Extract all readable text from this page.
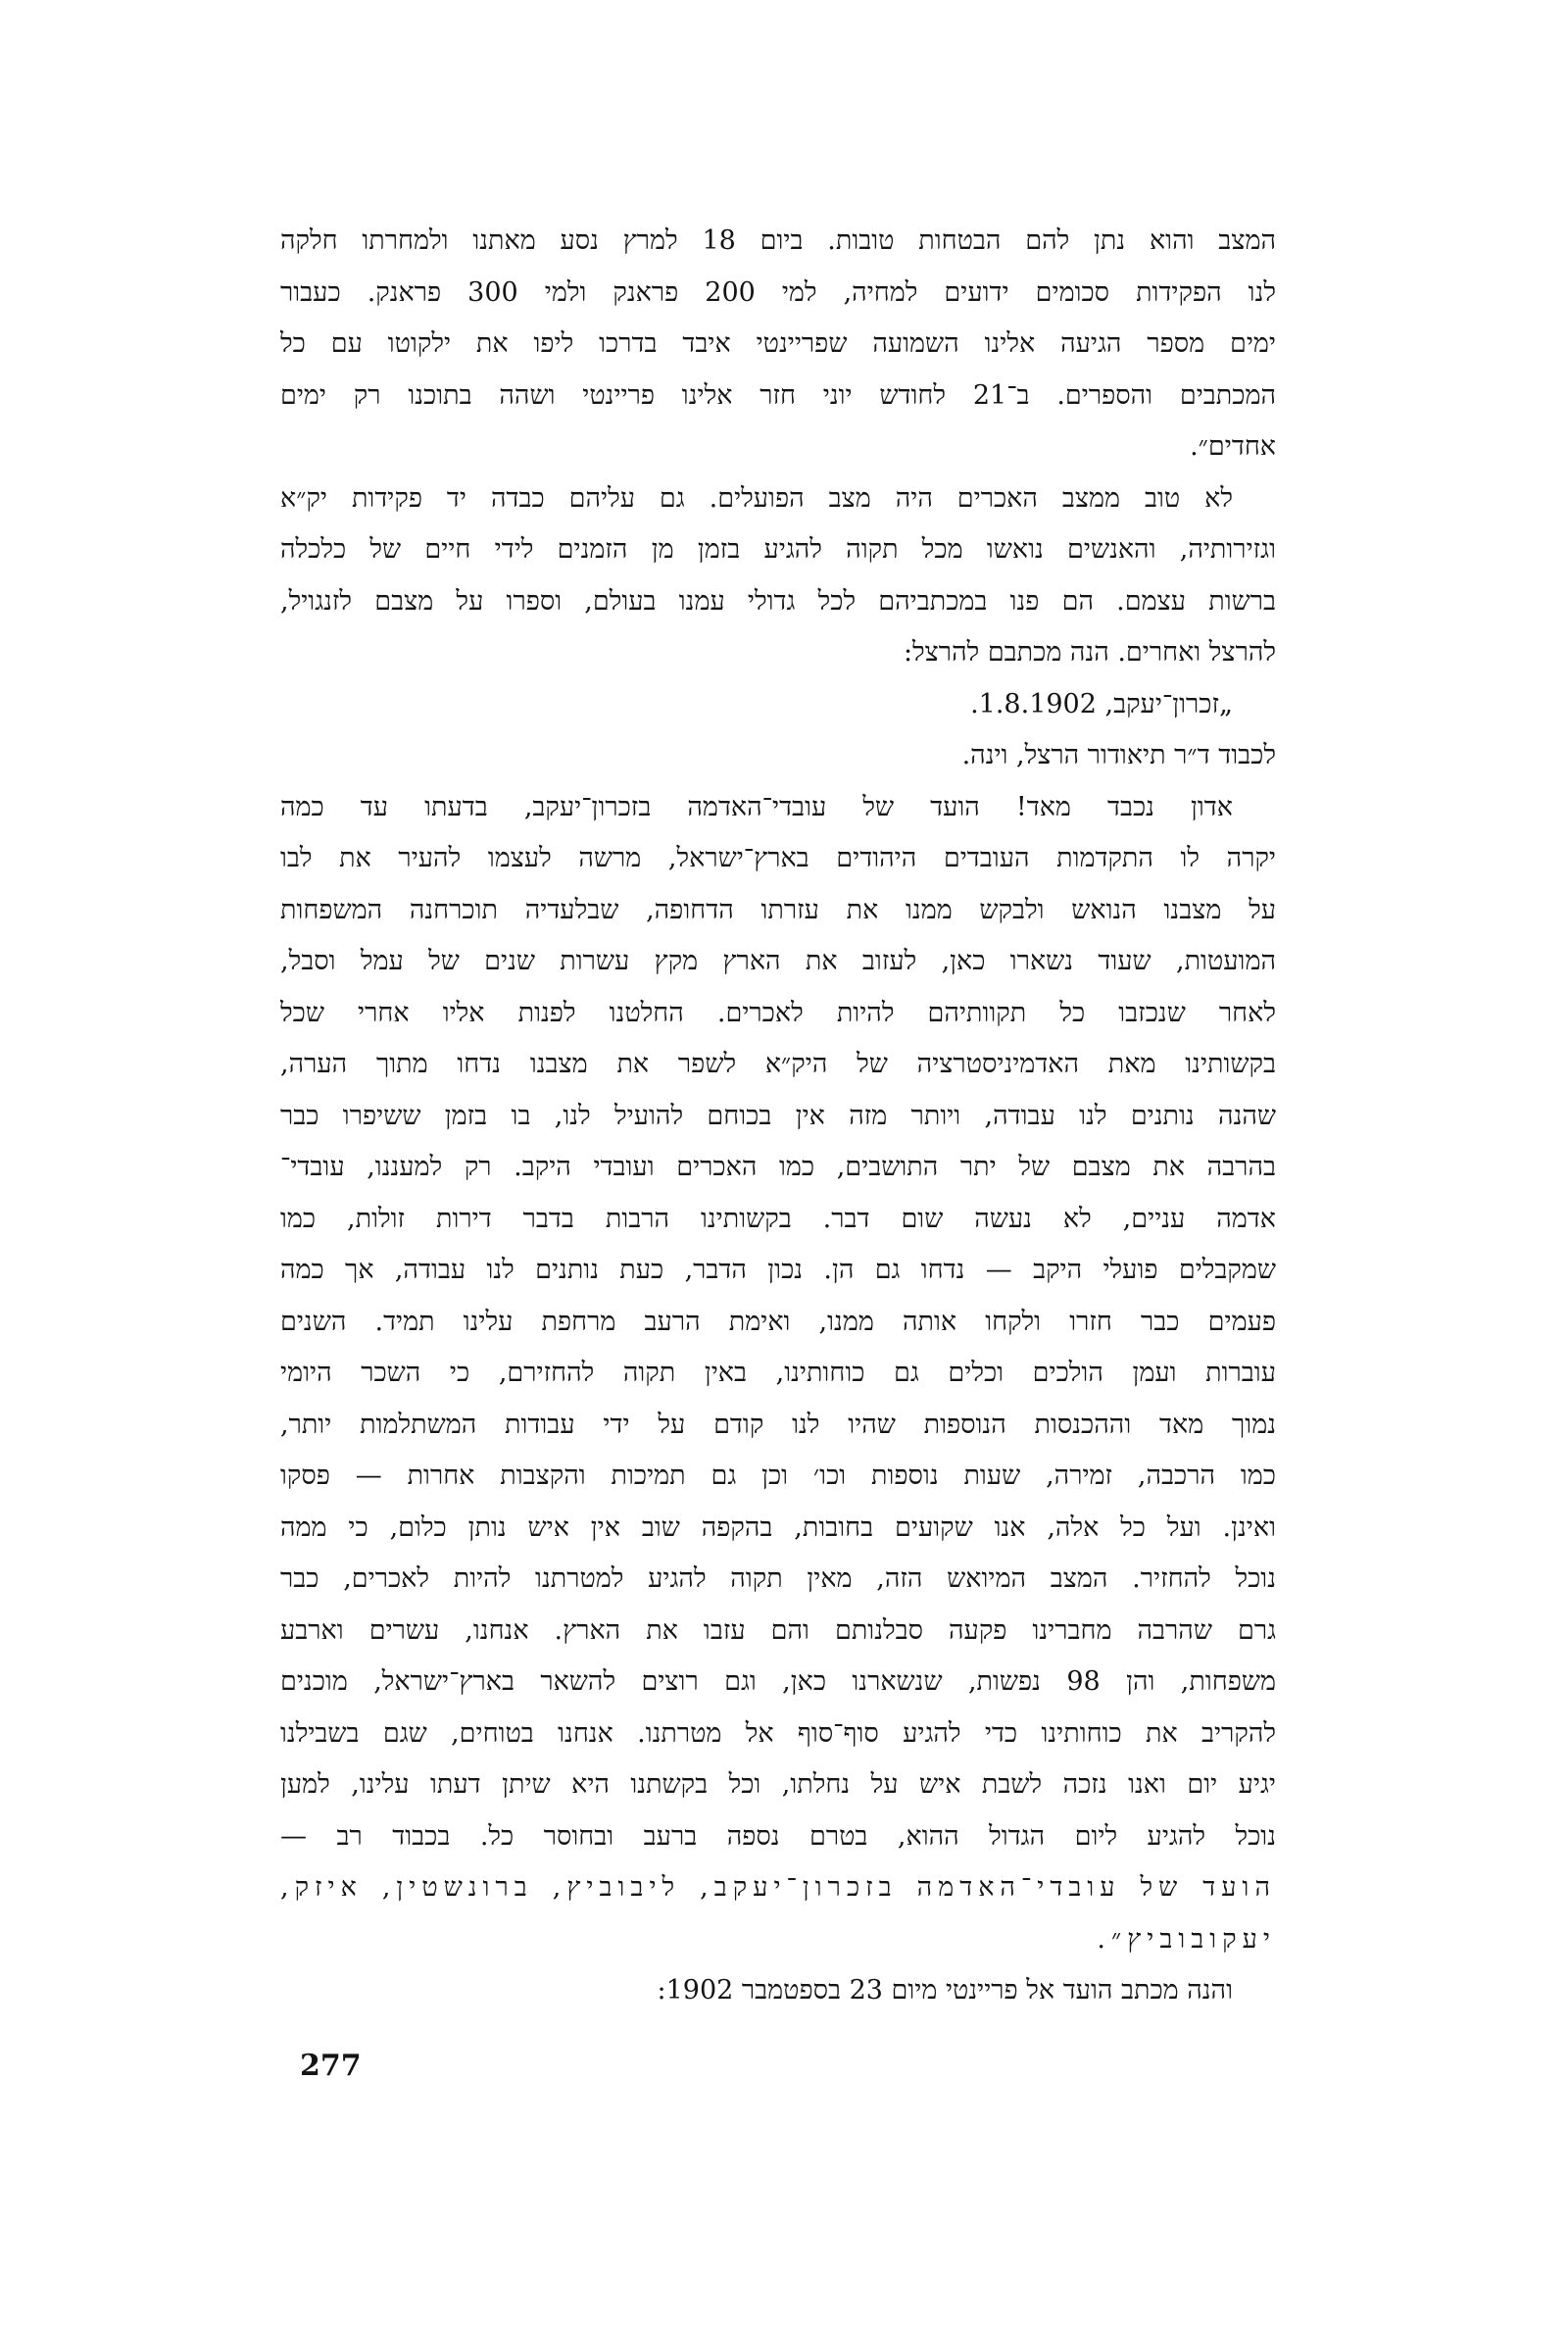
המצב והוא נתן להם הבטחות טובות. ביום 18 למרץ נסע מאתנו ולמחרתו חלקה
לנו הפקידות סכומים ידועים למחיה, למי 200 פראנק ולמי 300 פראנק. כעבור
ימים מספר הגיעה אלינו השמועה שפריינטי איבד בדרכו ליפו את ילקוטו עם כל
המכתבים והספרים. ב־21 לחודש יוני חזר אלינו פריינטי ושהה בתוכנו רק ימים
אחדים״.
לא טוב ממצב האכרים היה מצב הפועלים. גם עליהם כבדה יד פקידות יק״א
וגזירותיה, והאנשים נואשו מכל תקוה להגיע בזמן מן הזמנים לידי חיים של כלכלה
ברשות עצמם. הם פנו במכתביהם לכל גדולי עמנו בעולם, וספרו על מצבם לזנגויל,
להרצל ואחרים. הנה מכתבם להרצל:
„זכרון־יעקב, 1.8.1902.
לכבוד ד״ר תיאודור הרצל, וינה.
אדון נכבד מאד! הועד של עובדי־האדמה בזכרון־יעקב, בדעתו עד כמה
יקרה לו התקדמות העובדים היהודים בארץ־ישראל, מרשה לעצמו להעיר את לבו
על מצבנו הנואש ולבקש ממנו את עזרתו הדחופה, שבלעדיה תוכרחנה המשפחות
המועטות, שעוד נשארו כאן, לעזוב את הארץ מקץ עשרות שנים של עמל וסבל,
לאחר שנכזבו כל תקוותיהם להיות לאכרים. החלטנו לפנות אליו אחרי שכל
בקשותינו מאת האדמיניסטרציה של היק״א לשפר את מצבנו נדחו מתוך הערה,
שהנה נותנים לנו עבודה, ויותר מזה אין בכוחם להועיל לנו, בו בזמן ששיפרו כבר
בהרבה את מצבם של יתר התושבים, כמו האכרים ועובדי היקב. רק למעננו, עובדי־
אדמה עניים, לא נעשה שום דבר. בקשותינו הרבות בדבר דירות זולות, כמו
שמקבלים פועלי היקב — נדחו גם הן. נכון הדבר, כעת נותנים לנו עבודה, אך כמה
פעמים כבר חזרו ולקחו אותה ממנו, ואימת הרעב מרחפת עלינו תמיד. השנים
עוברות ועמן הולכים וכלים גם כוחותינו, באין תקוה להחזירם, כי השכר היומי
נמוך מאד וההכנסות הנוספות שהיו לנו קודם על ידי עבודות המשתלמות יותר,
כמו הרכבה, זמירה, שעות נוספות וכו׳ וכן גם תמיכות והקצבות אחרות — פסקו
ואינן. ועל כל אלה, אנו שקועים בחובות, בהקפה שוב אין איש נותן כלום, כי ממה
נוכל להחזיר. המצב המיואש הזה, מאין תקוה להגיע למטרתנו להיות לאכרים, כבר
גרם שהרבה מחברינו פקעה סבלנותם והם עזבו את הארץ. אנחנו, עשרים וארבע
משפחות, והן 98 נפשות, שנשארנו כאן, וגם רוצים להשאר בארץ־ישראל, מוכנים
להקריב את כוחותינו כדי להגיע סוף־סוף אל מטרתנו. אנחנו בטוחים, שגם בשבילנו
יגיע יום ואנו נזכה לשבת איש על נחלתו, וכל בקשתנו היא שיתן דעתו עלינו, למען
נוכל להגיע ליום הגדול ההוא, בטרם נספה ברעב ובחוסר כל. בכבוד רב —
הועד של עובדי־האדמה בזכרון־יעקב, ליבוביץ, ברונשטין, איזק,
יעקובוביץ״.
והנה מכתב הועד אל פריינטי מיום 23 בספטמבר 1902:
277
